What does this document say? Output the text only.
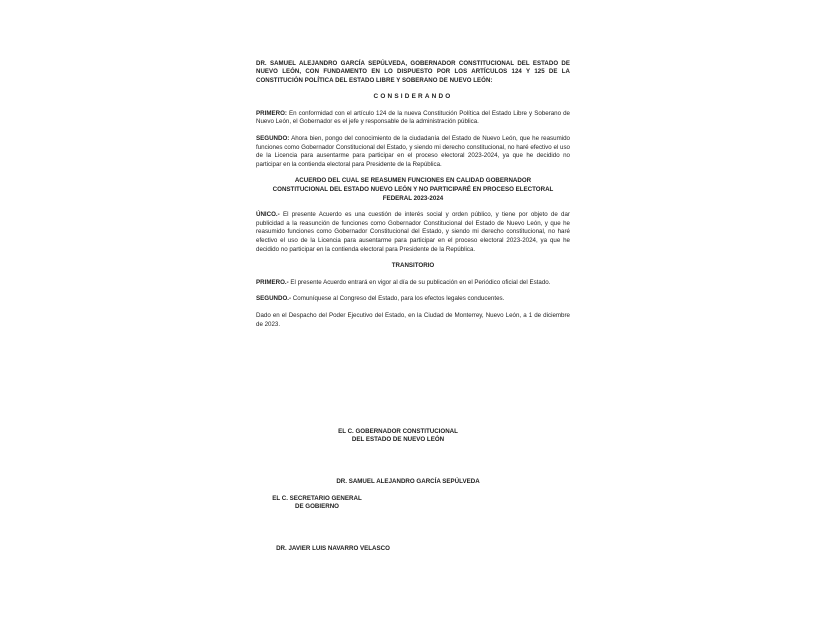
DR. SAMUEL ALEJANDRO GARCÍA SEPÚLVEDA, GOBERNADOR CONSTITUCIONAL DEL ESTADO DE NUEVO LEÓN, CON FUNDAMENTO EN LO DISPUESTO POR LOS ARTÍCULOS 124 Y 125 DE LA CONSTITUCIÓN POLÍTICA DEL ESTADO LIBRE Y SOBERANO DE NUEVO LEÓN:
CONSIDERANDO
PRIMERO: En conformidad con el artículo 124 de la nueva Constitución Política del Estado Libre y Soberano de Nuevo León, el Gobernador es el jefe y responsable de la administración pública.
SEGUNDO: Ahora bien, pongo del conocimiento de la ciudadanía del Estado de Nuevo León, que he reasumido funciones como Gobernador Constitucional del Estado, y siendo mi derecho constitucional, no haré efectivo el uso de la Licencia para ausentarme para participar en el proceso electoral 2023-2024, ya que he decidido no participar en la contienda electoral para Presidente de la República.
ACUERDO DEL CUAL SE REASUMEN FUNCIONES EN CALIDAD GOBERNADOR CONSTITUCIONAL DEL ESTADO NUEVO LEÓN Y NO PARTICIPARÉ EN PROCESO ELECTORAL FEDERAL 2023-2024
ÚNICO.- El presente Acuerdo es una cuestión de interés social y orden público, y tiene por objeto de dar publicidad a la reasunción de funciones como Gobernador Constitucional del Estado de Nuevo León, y que he reasumido funciones como Gobernador Constitucional del Estado, y siendo mi derecho constitucional, no haré efectivo el uso de la Licencia para ausentarme para participar en el proceso electoral 2023-2024, ya que he decidido no participar en la contienda electoral para Presidente de la República.
TRANSITORIO
PRIMERO.- El presente Acuerdo entrará en vigor al día de su publicación en el Periódico oficial del Estado.
SEGUNDO.- Comuníquese al Congreso del Estado, para los efectos legales conducentes.
Dado en el Despacho del Poder Ejecutivo del Estado, en la Ciudad de Monterrey, Nuevo León, a 1 de diciembre de 2023.
EL C. GOBERNADOR CONSTITUCIONAL
DEL ESTADO DE NUEVO LEÓN
DR. SAMUEL ALEJANDRO GARCÍA SEPÚLVEDA
EL C. SECRETARIO GENERAL
DE GOBIERNO
DR. JAVIER LUIS NAVARRO VELASCO
